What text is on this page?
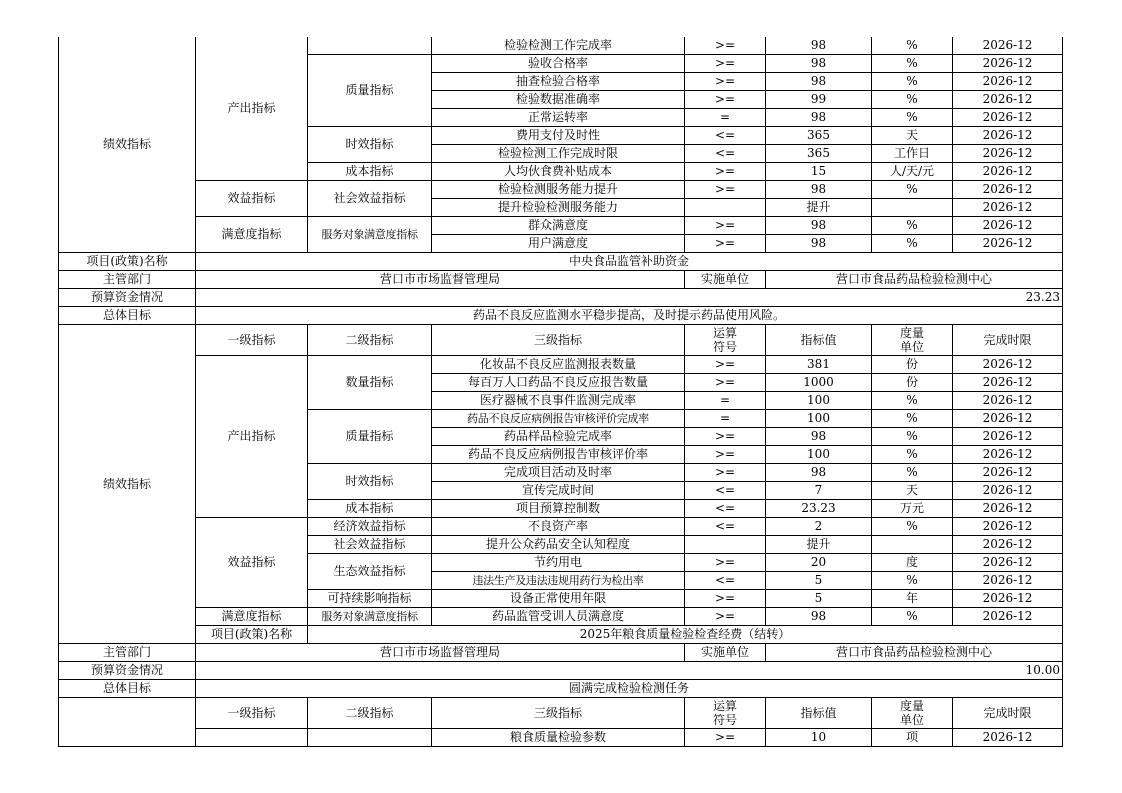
绩效指标	产出指标		检验检测工作完成率	>=	98	%	2026-12
		质量指标	验收合格率	>=	98	%	2026-12
			抽查检验合格率	>=	98	%	2026-12
			检验数据准确率	>=	99	%	2026-12
			正常运转率	=	98	%	2026-12
		时效指标	费用支付及时性	<=	365	天	2026-12
			检验检测工作完成时限	<=	365	工作日	2026-12
		成本指标	人均伙食费补贴成本	>=	15	人/天/元	2026-12
	效益指标	社会效益指标	检验检测服务能力提升	>=	98	%	2026-12
			提升检验检测服务能力		提升		2026-12
	满意度指标	服务对象满意度指标	群众满意度	>=	98	%	2026-12
			用户满意度	>=	98	%	2026-12
项目(政策)名称	中央食品监管补助资金						
主管部门	营口市市场监督管理局			实施单位	营口市食品药品检验检测中心		
预算资金情况	23.23						
总体目标	药品不良反应监测水平稳步提高，及时提示药品使用风险。						
绩效指标	一级指标	二级指标	三级指标	运算符号	指标值	度量单位	完成时限
	产出指标	数量指标	化妆品不良反应监测报表数量	>=	381	份	2026-12
			每百万人口药品不良反应报告数量	>=	1000	份	2026-12
			医疗器械不良事件监测完成率	=	100	%	2026-12
		质量指标	药品不良反应病例报告审核评价完成率	=	100	%	2026-12
			药品样品检验完成率	>=	98	%	2026-12
			药品不良反应病例报告审核评价率	>=	100	%	2026-12
		时效指标	完成项目活动及时率	>=	98	%	2026-12
			宣传完成时间	<=	7	天	2026-12
		成本指标	项目预算控制数	<=	23.23	万元	2026-12
	效益指标	经济效益指标	不良资产率	<=	2	%	2026-12
		社会效益指标	提升公众药品安全认知程度		提升		2026-12
		生态效益指标	节约用电	>=	20	度	2026-12
			违法生产及违法违规用药行为检出率	<=	5	%	2026-12
		可持续影响指标	设备正常使用年限	>=	5	年	2026-12
	满意度指标	服务对象满意度指标	药品监管受训人员满意度	>=	98	%	2026-12
	项目(政策)名称	2025年粮食质量检验检查经费（结转）					
主管部门	营口市市场监督管理局			实施单位	营口市食品药品检验检测中心		
预算资金情况	10.00						
总体目标	圆满完成检验检测任务						
	一级指标	二级指标	三级指标	运算符号	指标值	度量单位	完成时限
			粮食质量检验参数	>=	10	项	2026-12
